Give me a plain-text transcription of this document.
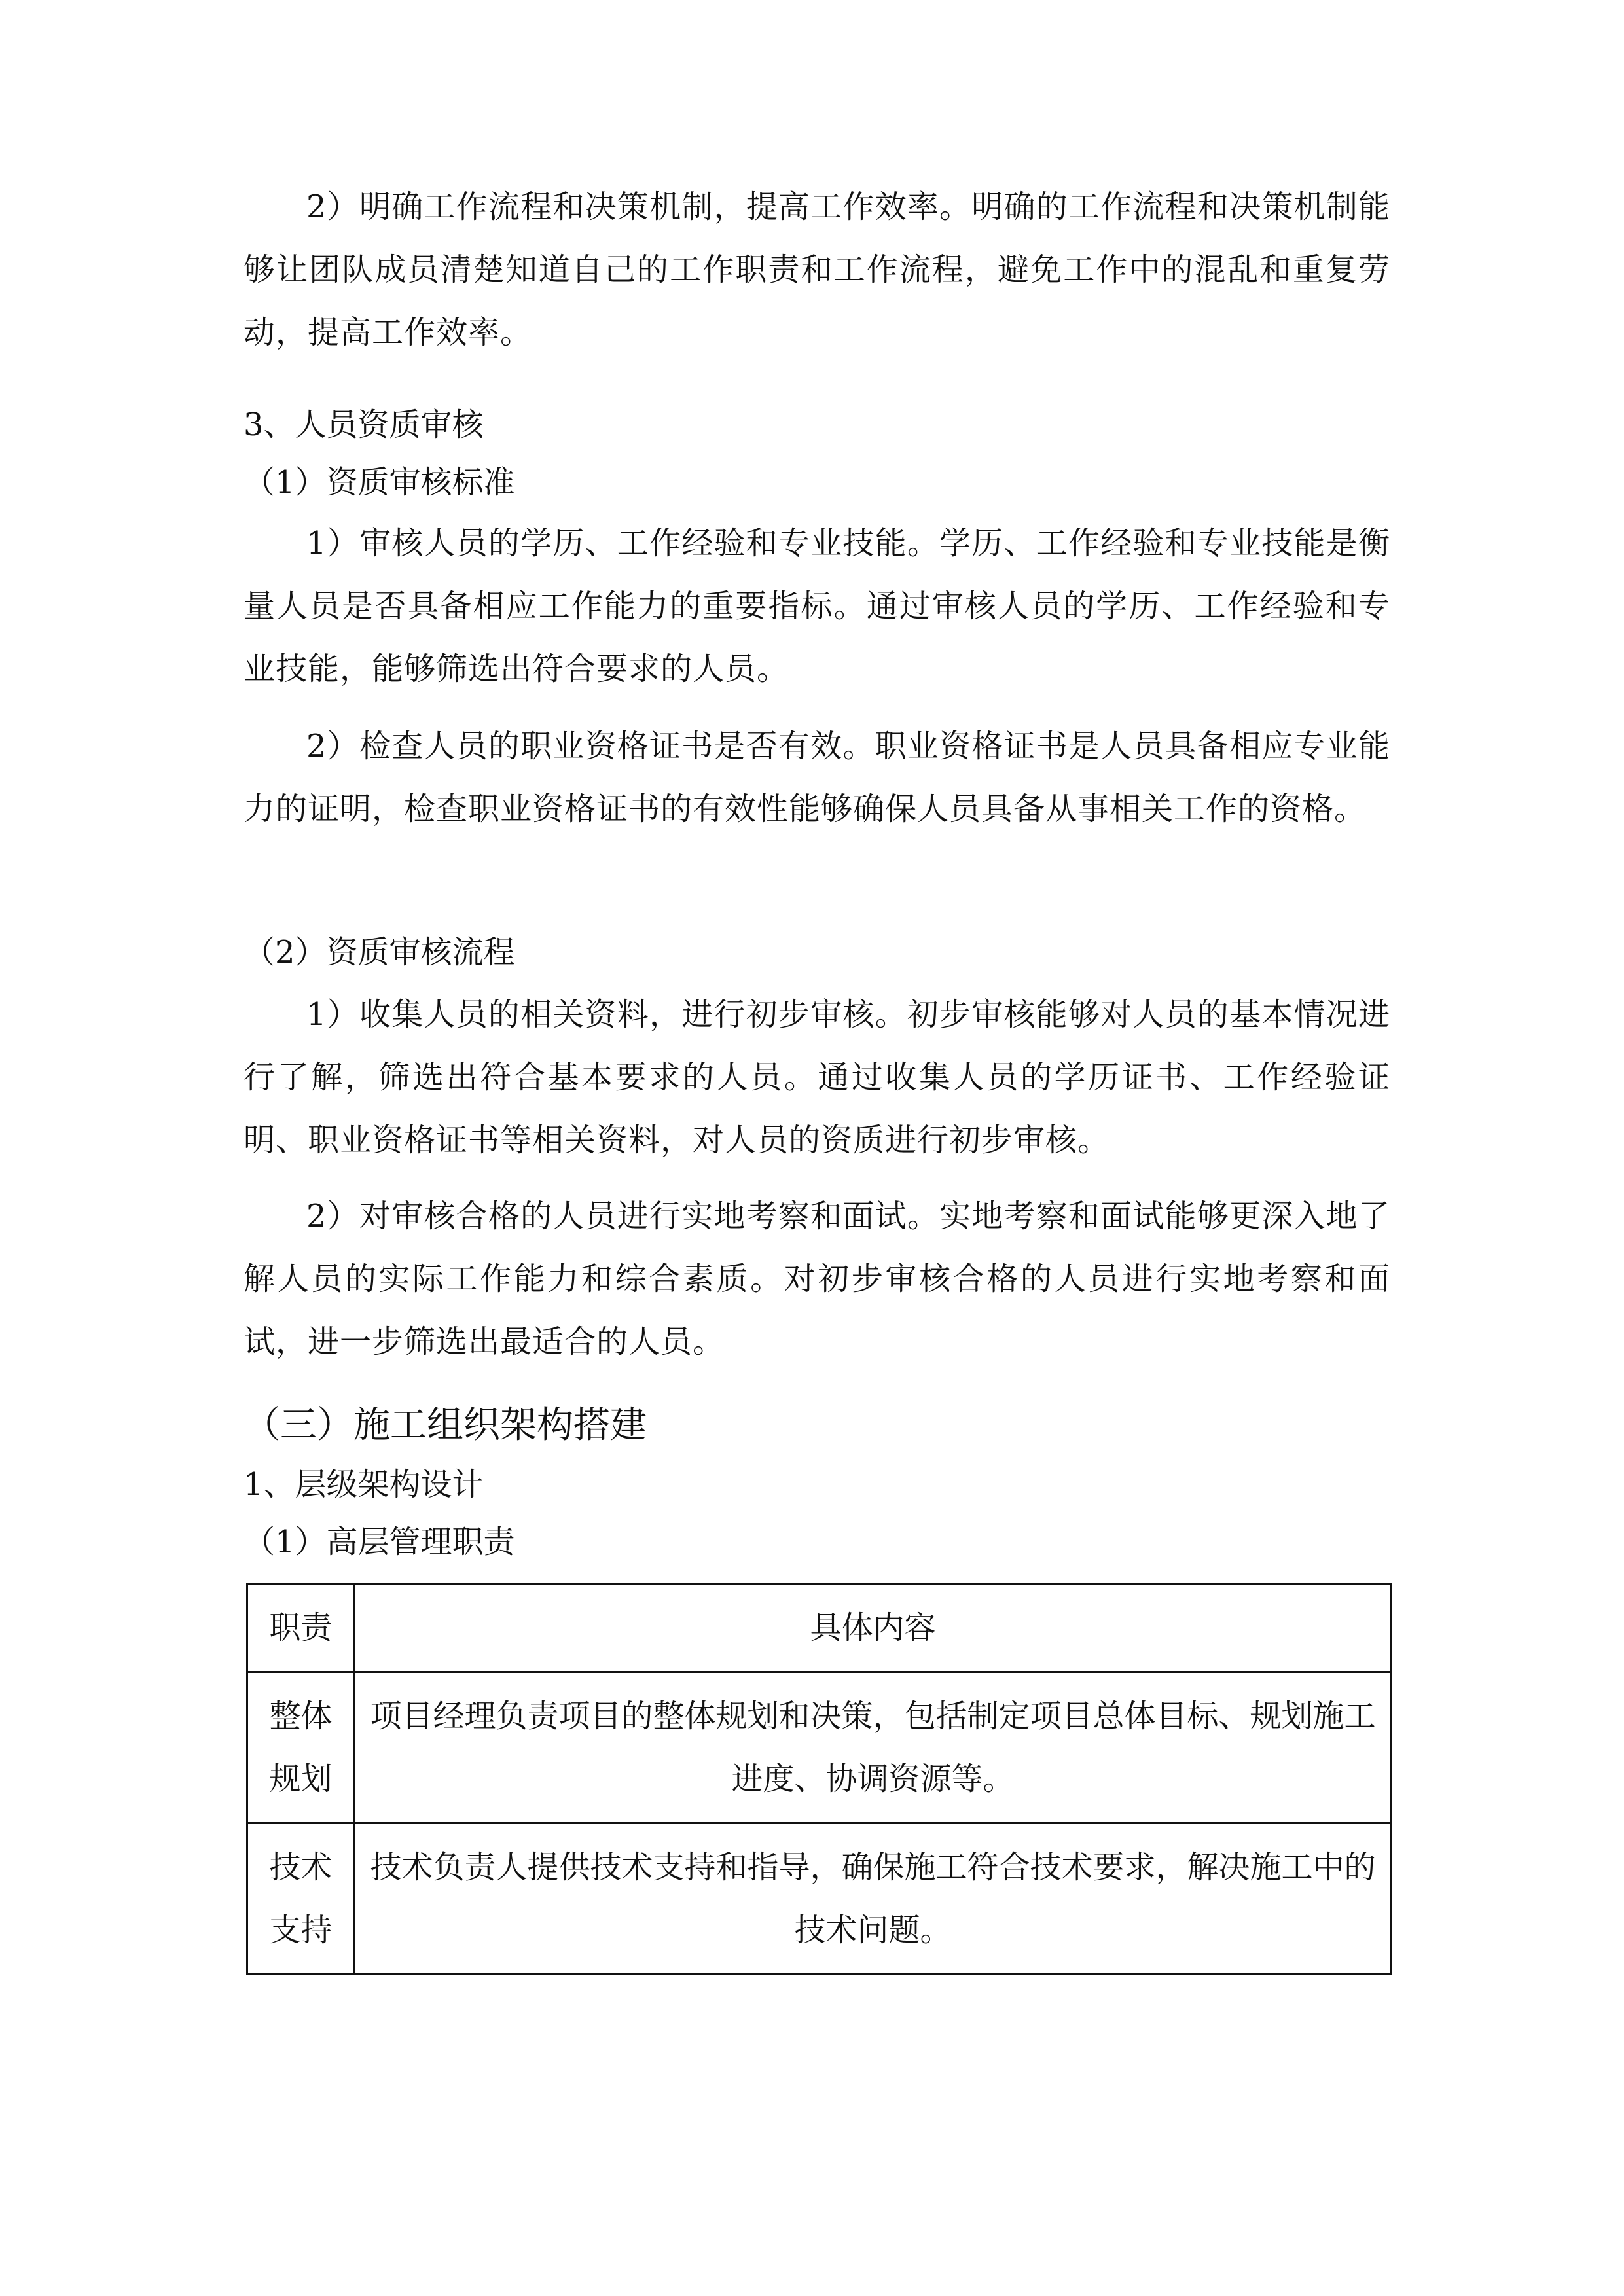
2）明确工作流程和决策机制，提高工作效率。明确的工作流程和决策机制能够让团队成员清楚知道自己的工作职责和工作流程，避免工作中的混乱和重复劳动，提高工作效率。

3、人员资质审核
（1）资质审核标准

1）审核人员的学历、工作经验和专业技能。学历、工作经验和专业技能是衡量人员是否具备相应工作能力的重要指标。通过审核人员的学历、工作经验和专业技能，能够筛选出符合要求的人员。

2）检查人员的职业资格证书是否有效。职业资格证书是人员具备相应专业能力的证明，检查职业资格证书的有效性能够确保人员具备从事相关工作的资格。

（2）资质审核流程

1）收集人员的相关资料，进行初步审核。初步审核能够对人员的基本情况进行了解，筛选出符合基本要求的人员。通过收集人员的学历证书、工作经验证明、职业资格证书等相关资料，对人员的资质进行初步审核。

2）对审核合格的人员进行实地考察和面试。实地考察和面试能够更深入地了解人员的实际工作能力和综合素质。对初步审核合格的人员进行实地考察和面试，进一步筛选出最适合的人员。

（三）施工组织架构搭建
1、层级架构设计
（1）高层管理职责
职责	具体内容
整体规划	项目经理负责项目的整体规划和决策，包括制定项目总体目标、规划施工进度、协调资源等。
技术支持	技术负责人提供技术支持和指导，确保施工符合技术要求，解决施工中的技术问题。
